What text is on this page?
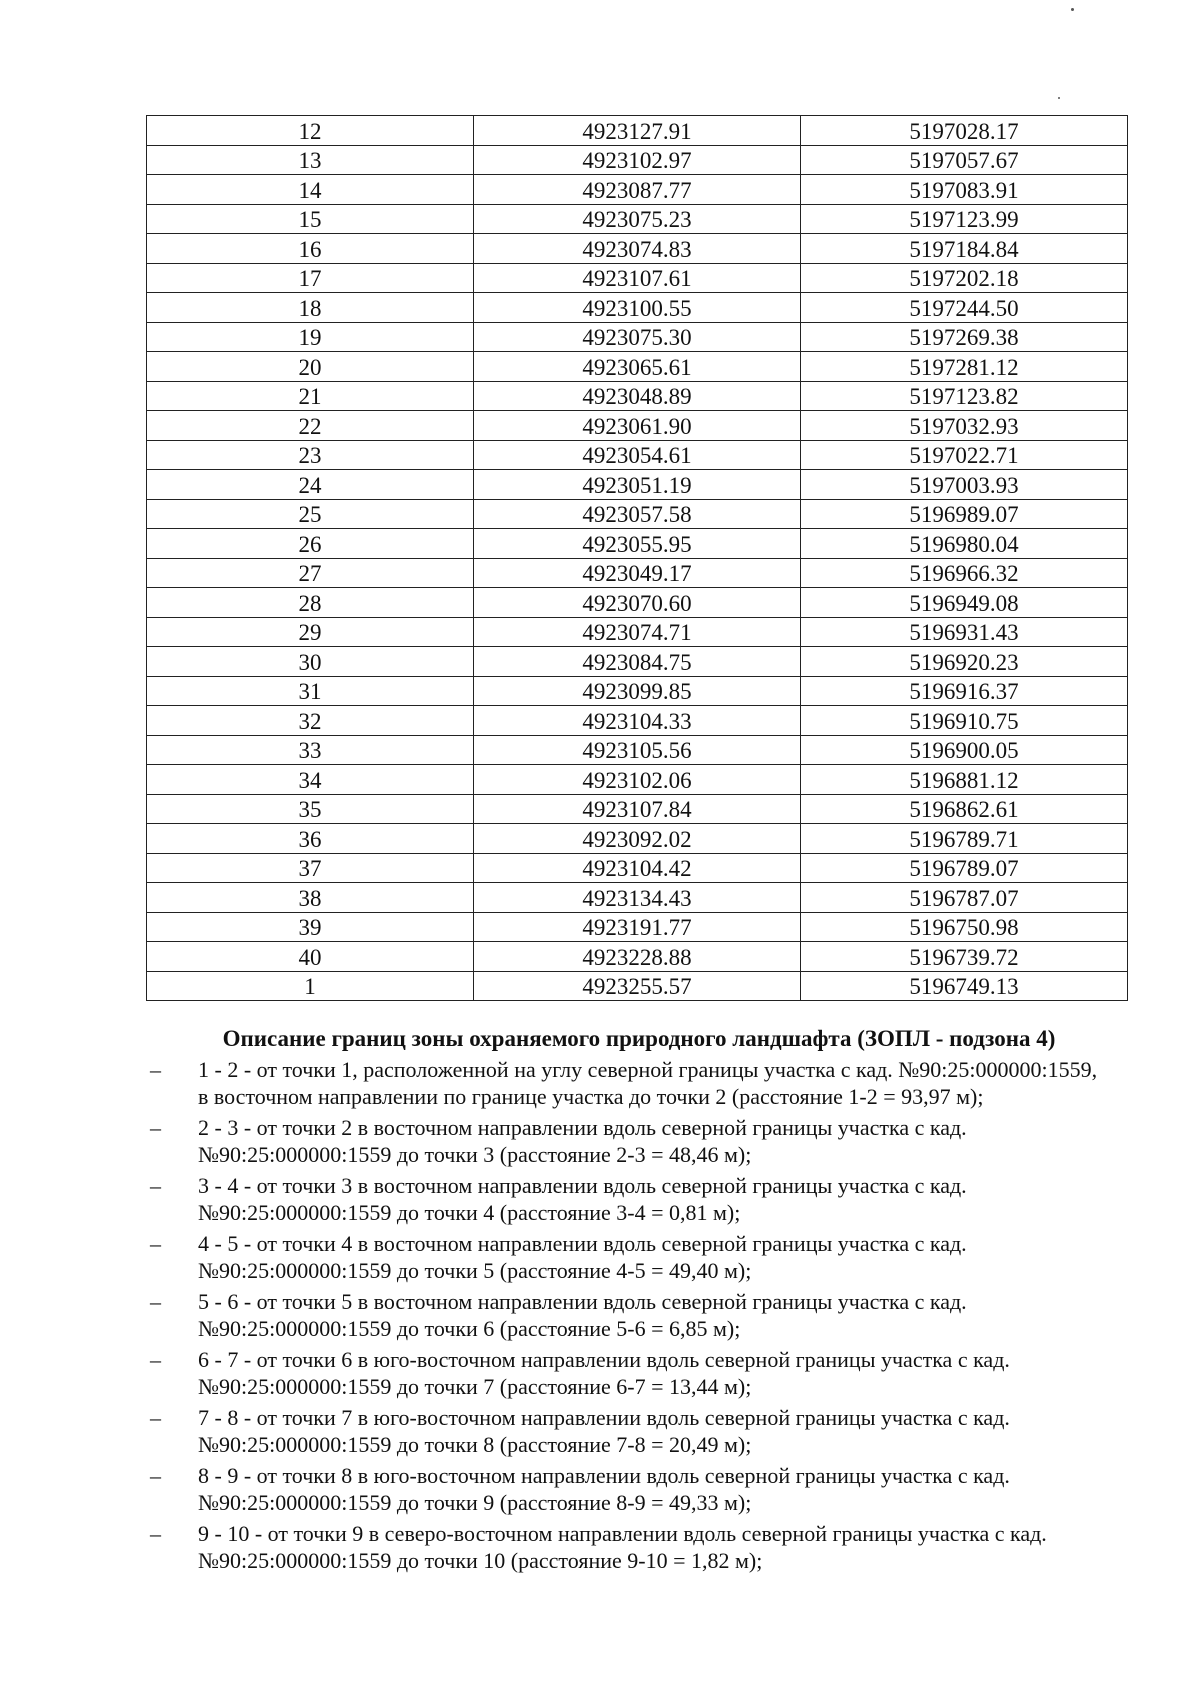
12	4923127.91	5197028.17
13	4923102.97	5197057.67
14	4923087.77	5197083.91
15	4923075.23	5197123.99
16	4923074.83	5197184.84
17	4923107.61	5197202.18
18	4923100.55	5197244.50
19	4923075.30	5197269.38
20	4923065.61	5197281.12
21	4923048.89	5197123.82
22	4923061.90	5197032.93
23	4923054.61	5197022.71
24	4923051.19	5197003.93
25	4923057.58	5196989.07
26	4923055.95	5196980.04
27	4923049.17	5196966.32
28	4923070.60	5196949.08
29	4923074.71	5196931.43
30	4923084.75	5196920.23
31	4923099.85	5196916.37
32	4923104.33	5196910.75
33	4923105.56	5196900.05
34	4923102.06	5196881.12
35	4923107.84	5196862.61
36	4923092.02	5196789.71
37	4923104.42	5196789.07
38	4923134.43	5196787.07
39	4923191.77	5196750.98
40	4923228.88	5196739.72
1	4923255.57	5196749.13
Описание границ зоны охраняемого природного ландшафта (ЗОПЛ - подзона 4)
– 1 - 2 - от точки 1, расположенной на углу северной границы участка с кад. №90:25:000000:1559, в восточном направлении по границе участка до точки 2 (расстояние 1-2 = 93,97 м);
– 2 - 3 - от точки 2 в восточном направлении вдоль северной границы участка с кад. №90:25:000000:1559 до точки 3 (расстояние 2-3 = 48,46 м);
– 3 - 4 - от точки 3 в восточном направлении вдоль северной границы участка с кад. №90:25:000000:1559 до точки 4 (расстояние 3-4 = 0,81 м);
– 4 - 5 - от точки 4 в восточном направлении вдоль северной границы участка с кад. №90:25:000000:1559 до точки 5 (расстояние 4-5 = 49,40 м);
– 5 - 6 - от точки 5 в восточном направлении вдоль северной границы участка с кад. №90:25:000000:1559 до точки 6 (расстояние 5-6 = 6,85 м);
– 6 - 7 - от точки 6 в юго-восточном направлении вдоль северной границы участка с кад. №90:25:000000:1559 до точки 7 (расстояние 6-7 = 13,44 м);
– 7 - 8 - от точки 7 в юго-восточном направлении вдоль северной границы участка с кад. №90:25:000000:1559 до точки 8 (расстояние 7-8 = 20,49 м);
– 8 - 9 - от точки 8 в юго-восточном направлении вдоль северной границы участка с кад. №90:25:000000:1559 до точки 9 (расстояние 8-9 = 49,33 м);
– 9 - 10 - от точки 9 в северо-восточном направлении вдоль северной границы участка с кад. №90:25:000000:1559 до точки 10 (расстояние 9-10 = 1,82 м);
